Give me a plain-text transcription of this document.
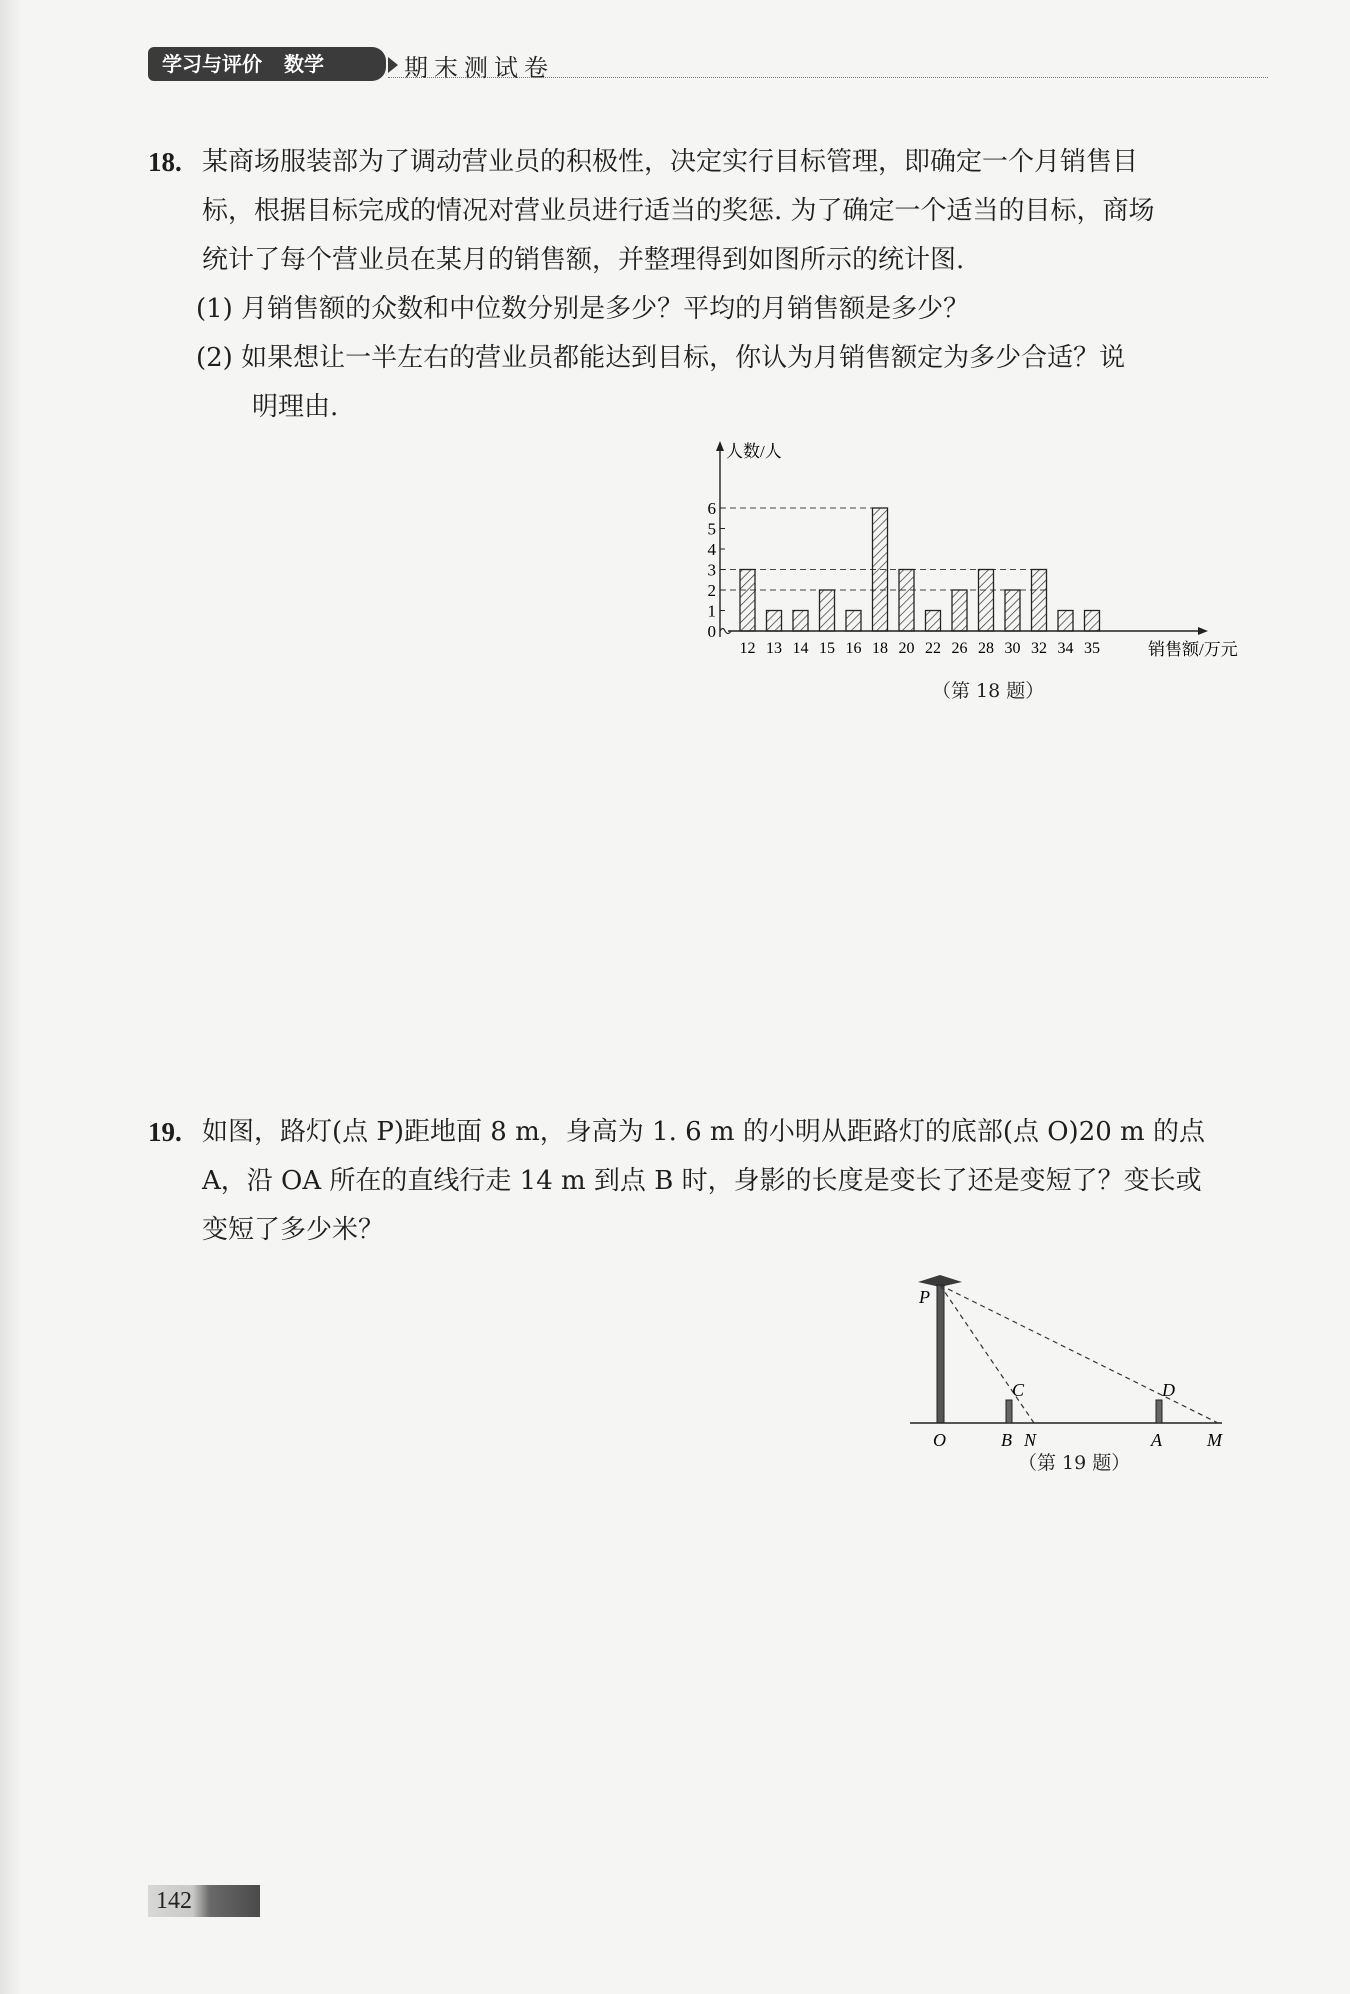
学习与评价 数学	期末测试卷
18. 某商场服装部为了调动营业员的积极性，决定实行目标管理，即确定一个月销售目
标，根据目标完成的情况对营业员进行适当的奖惩. 为了确定一个适当的目标，商场
统计了每个营业员在某月的销售额，并整理得到如图所示的统计图.
(1) 月销售额的众数和中位数分别是多少？平均的月销售额是多少？
(2) 如果想让一半左右的营业员都能达到目标，你认为月销售额定为多少合适？说
明理由.
12 13 14 15 16 18 20 22 26 28 30 32 34 35
0
1
2
3
4
5
6
人数/人
销售额/万元
（第 18 题）
19. 如图，路灯(点 P)距地面 8 m，身高为 1. 6 m 的小明从距路灯的底部(点 O)20 m 的点
A，沿 OA 所在的直线行走 14 m 到点 B 时，身影的长度是变长了还是变短了？变长或
变短了多少米？
P
C	D
O	B N	A	M
（第 19 题）
142
